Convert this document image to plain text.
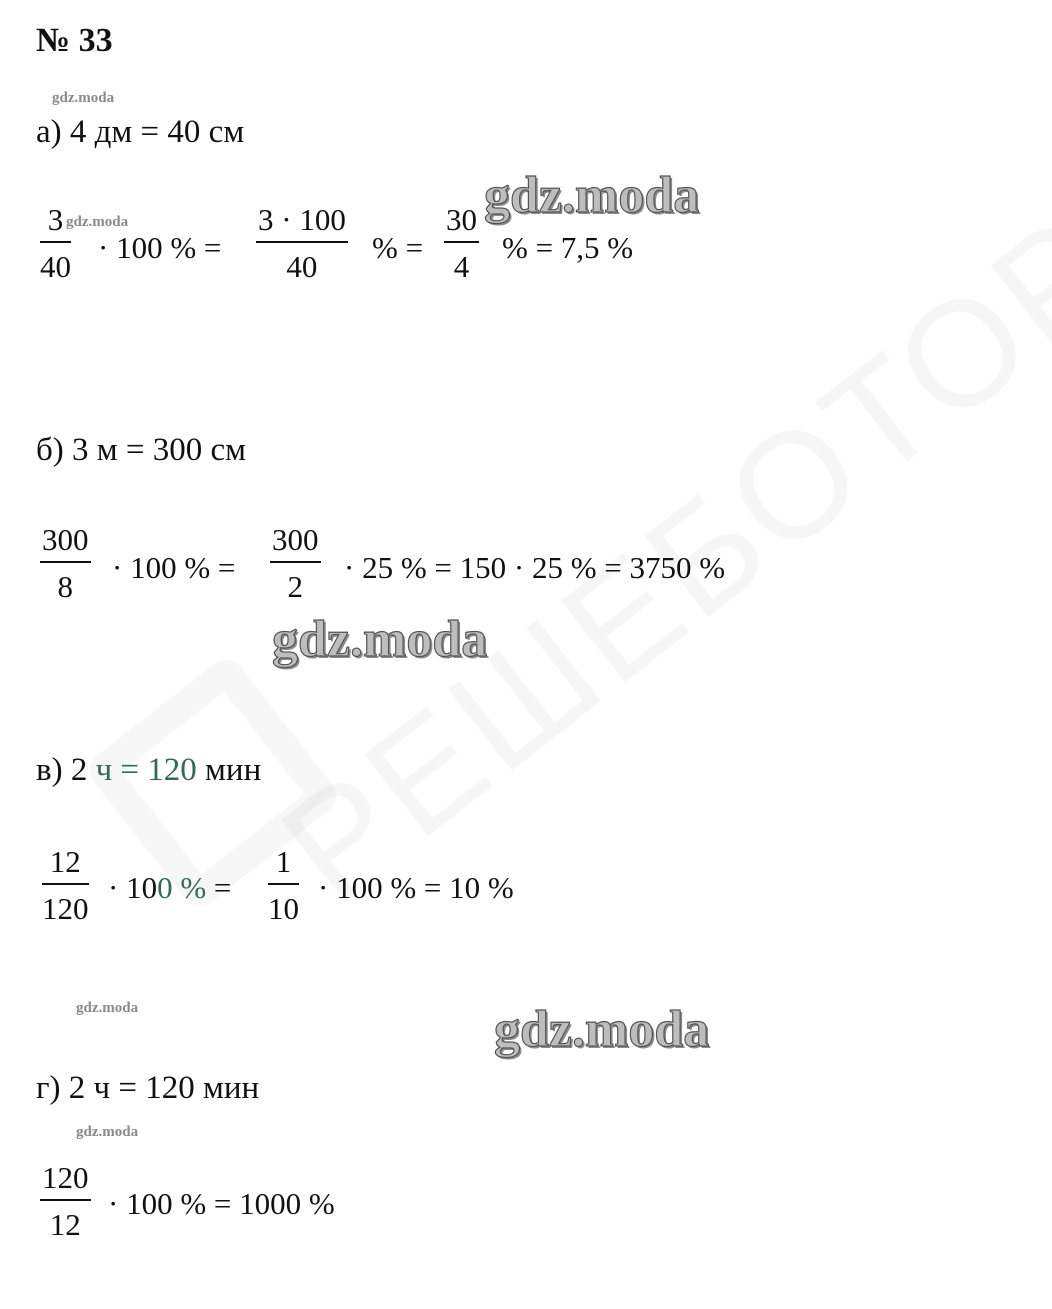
№ 33
gdz.moda
а) 4 дм = 40 см
3
40
gdz.moda
· 100 % =
3 · 100
40
% =
30
4
% = 7,5 %
gdz.moda
б) 3 м = 300 см
300
8
· 100 % =
300
2
· 25 % = 150 · 25 % = 3750 %
gdz.moda
в) 2 ч = 120 мин
12
120
· 100 % =
1
10
· 100 % = 10 %
gdz.moda	gdz.moda
г) 2 ч = 120 мин
gdz.moda
120
12
· 100 % = 1000 %
